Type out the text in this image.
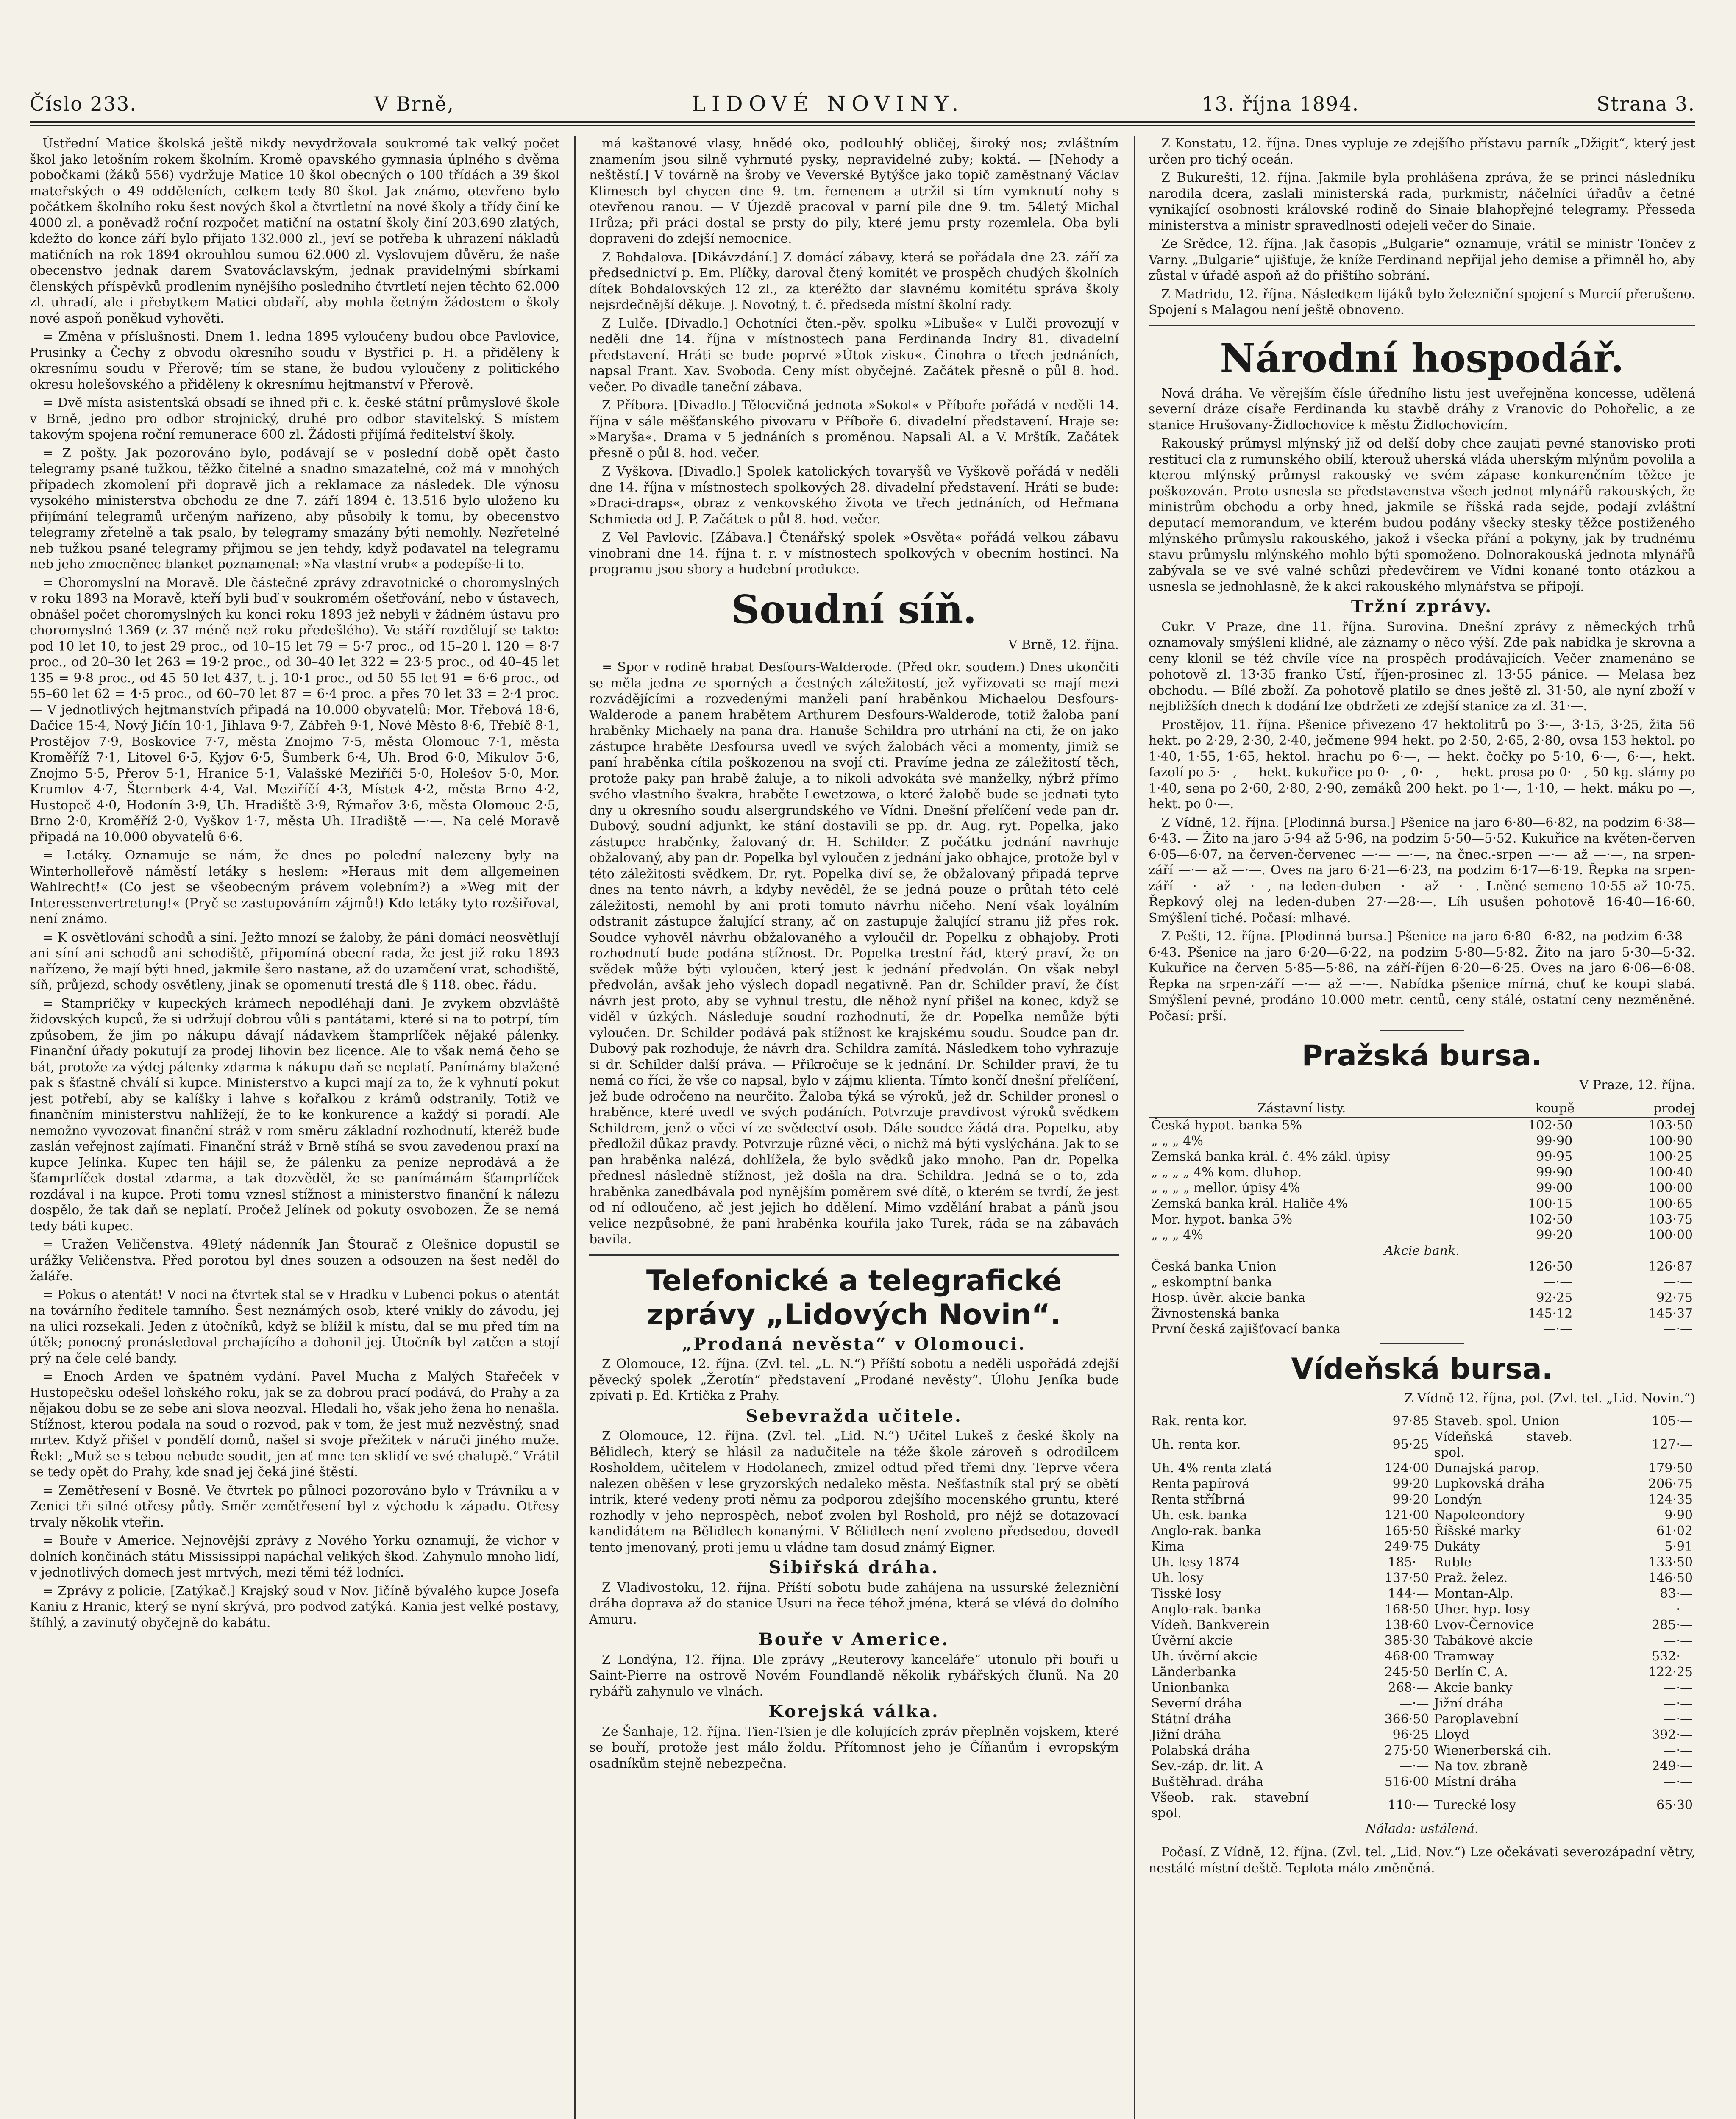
Číslo 233.	V Brně,	LIDOVÉ NOVINY.	13. října 1894.	Strana 3.

Ústřední Matice školská ještě nikdy nevydržovala soukromé tak velký počet škol jako letošním rokem školním. Kromě opavského gymnasia úplného s dvěma pobočkami (žáků 556) vydržuje Matice 10 škol obecných o 100 třídách a 39 škol mateřských o 49 odděleních, celkem tedy 80 škol. Jak známo, otevřeno bylo počátkem školního roku šest nových škol a čtvrtletní na nové školy a třídy činí ke 4000 zl. a poněvadž roční rozpočet matiční na ostatní školy činí 203.690 zlatých, kdežto do konce září bylo přijato 132.000 zl., jeví se potřeba k uhrazení nákladů matičních na rok 1894 okrouhlou sumou 62.000 zl. Vyslovujem důvěru, že naše obecenstvo jednak darem Svatováclavským, jednak pravidelnými sbírkami členských příspěvků prodlením nynějšího posledního čtvrtletí nejen těchto 62.000 zl. uhradí, ale i přebytkem Matici obdaří, aby mohla četným žádostem o školy nové aspoň poněkud vyhověti.

= Změna v příslušnosti. Dnem 1. ledna 1895 vyloučeny budou obce Pavlovice, Prusinky a Čechy z obvodu okresního soudu v Bystřici p. H. a přiděleny k okresnímu soudu v Přerově; tím se stane, že budou vyloučeny z politického okresu holešovského a přiděleny k okresnímu hejtmanství v Přerově.

= Dvě místa asistentská obsadí se ihned při c. k. české státní průmyslové škole v Brně, jedno pro odbor strojnický, druhé pro odbor stavitelský. S místem takovým spojena roční remunerace 600 zl. Žádosti přijímá ředitelství školy.

= Z pošty. Jak pozorováno bylo, podávají se v poslední době opět často telegramy psané tužkou, těžko čitelné a snadno smazatelné, což má v mnohých případech zkomolení při dopravě jich a reklamace za následek. Dle výnosu vysokého ministerstva obchodu ze dne 7. září 1894 č. 13.516 bylo uloženo ku přijímání telegramů určeným nařízeno, aby působily k tomu, by obecenstvo telegramy zřetelně a tak psalo, by telegramy smazány býti nemohly. Nezřetelné neb tužkou psané telegramy přijmou se jen tehdy, když podavatel na telegramu neb jeho zmocněnec blanket poznamenal: »Na vlastní vrub« a podepíše-li to.

= Choromyslní na Moravě. Dle částečné zprávy zdravotnické o choromyslných v roku 1893 na Moravě, kteří byli buď v soukromém ošetřování, nebo v ústavech, obnášel počet choromyslných ku konci roku 1893 jež nebyli v žádném ústavu pro choromyslné 1369 (z 37 méně než roku předešlého). Ve stáří rozdělují se takto: pod 10 let 10, to jest 29 proc., od 10–15 let 79 = 5·7 proc., od 15–20 l. 120 = 8·7 proc., od 20–30 let 263 = 19·2 proc., od 30–40 let 322 = 23·5 proc., od 40–45 let 135 = 9·8 proc., od 45–50 let 437, t. j. 10·1 proc., od 50–55 let 91 = 6·6 proc., od 55–60 let 62 = 4·5 proc., od 60–70 let 87 = 6·4 proc. a přes 70 let 33 = 2·4 proc. — V jednotlivých hejtmanstvích připadá na 10.000 obyvatelů: Mor. Třebová 18·6, Dačice 15·4, Nový Jičín 10·1, Jihlava 9·7, Zábřeh 9·1, Nové Město 8·6, Třebíč 8·1, Prostějov 7·9, Boskovice 7·7, města Znojmo 7·5, města Olomouc 7·1, města Kroměříž 7·1, Litovel 6·5, Kyjov 6·5, Šumberk 6·4, Uh. Brod 6·0, Mikulov 5·6, Znojmo 5·5, Přerov 5·1, Hranice 5·1, Valašské Meziříčí 5·0, Holešov 5·0, Mor. Krumlov 4·7, Šternberk 4·4, Val. Meziříčí 4·3, Místek 4·2, města Brno 4·2, Hustopeč 4·0, Hodonín 3·9, Uh. Hradiště 3·9, Rýmařov 3·6, města Olomouc 2·5, Brno 2·0, Kroměříž 2·0, Vyškov 1·7, města Uh. Hradiště —·—. Na celé Moravě připadá na 10.000 obyvatelů 6·6.

= Letáky. Oznamuje se nám, že dnes po polední nalezeny byly na Winterholleřově náměstí letáky s heslem: »Heraus mit dem allgemeinen Wahlrecht!« (Co jest se všeobecným právem volebním?) a »Weg mit der Interessenvertretung!« (Pryč se zastupováním zájmů!) Kdo letáky tyto rozšiřoval, není známo.

= K osvětlování schodů a síní. Ježto mnozí se žaloby, že páni domácí neosvětlují ani síní ani schodů ani schodiště, připomíná obecní rada, že jest již roku 1893 nařízeno, že mají býti hned, jakmile šero nastane, až do uzamčení vrat, schodiště, síň, průjezd, schody osvětleny, jinak se opomenutí trestá dle § 118. obec. řádu.

= Stampričky v kupeckých krámech nepodléhají dani. Je zvykem obzvláště židovských kupců, že si udržují dobrou vůli s pantátami, které si na to potrpí, tím způsobem, že jim po nákupu dávají nádavkem štamprlíček nějaké pálenky. Finanční úřady pokutují za prodej lihovin bez licence. Ale to však nemá čeho se bát, protože za výdej pálenky zdarma k nákupu daň se neplatí. Panímámy blažené pak s šťastně chválí si kupce. Ministerstvo a kupci mají za to, že k vyhnutí pokut jest potřebí, aby se kalíšky i lahve s kořalkou z krámů odstranily. Totiž ve finančním ministerstvu nahlížejí, že to ke konkurence a každý si poradí. Ale nemožno vyvozovat finanční stráž v rom směru základní rozhodnutí, kteréž bude zaslán veřejnost zajímati. Finanční stráž v Brně stíhá se svou zavedenou praxí na kupce Jelínka. Kupec ten hájil se, že pálenku za peníze neprodává a že šťamprlíček dostal zdarma, a tak dozvěděl, že se panímámám šťamprlíček rozdával i na kupce. Proti tomu vznesl stížnost a ministerstvo finanční k nálezu dospělo, že tak daň se neplatí. Pročež Jelínek od pokuty osvobozen. Že se nemá tedy báti kupec.

= Uražen Veličenstva. 49letý nádenník Jan Štourač z Olešnice dopustil se urážky Veličenstva. Před porotou byl dnes souzen a odsouzen na šest neděl do žaláře.

= Pokus o atentát! V noci na čtvrtek stal se v Hradku v Lubenci pokus o atentát na továrního ředitele tamního. Šest neznámých osob, které vnikly do závodu, jej na ulici rozsekali. Jeden z útočníků, když se blížil k místu, dal se mu před tím na útěk; ponocný pronásledoval prchajícího a dohonil jej. Útočník byl zatčen a stojí prý na čele celé bandy.

= Enoch Arden ve špatném vydání. Pavel Mucha z Malých Stařeček v Hustopečsku odešel loňského roku, jak se za dobrou prací podává, do Prahy a za nějakou dobu se ze sebe ani slova neozval. Hledali ho, však jeho žena ho nenašla. Stížnost, kterou podala na soud o rozvod, pak v tom, že jest muž nezvěstný, snad mrtev. Když přišel v pondělí domů, našel si svoje přežitek v náruči jiného muže. Řekl: „Muž se s tebou nebude soudit, jen ať mne ten sklidí ve své chalupě.“ Vrátil se tedy opět do Prahy, kde snad jej čeká jiné štěstí.

= Zemětřesení v Bosně. Ve čtvrtek po půlnoci pozorováno bylo v Trávníku a v Zenici tři silné otřesy půdy. Směr zemětřesení byl z východu k západu. Otřesy trvaly několik vteřin.

= Bouře v Americe. Nejnovější zprávy z Nového Yorku oznamují, že vichor v dolních končinách státu Mississippi napáchal velikých škod. Zahynulo mnoho lidí, v jednotlivých domech jest mrtvých, mezi těmi též lodníci.

= Zprávy z policie. [Zatýkač.] Krajský soud v Nov. Jičíně bývalého kupce Josefa Kaniu z Hranic, který se nyní skrývá, pro podvod zatýká. Kania jest velké postavy, štíhlý, a zavinutý obyčejně do kabátu.

má kaštanové vlasy, hnědé oko, podlouhlý obličej, široký nos; zvláštním znamením jsou silně vyhrnuté pysky, nepravidelné zuby; koktá. — [Nehody a neštěstí.] V továrně na šroby ve Veverské Bytýšce jako topič zaměstnaný Václav Klimesch byl chycen dne 9. tm. řemenem a utržil si tím vymknutí nohy s otevřenou ranou. — V Újezdě pracoval v parní pile dne 9. tm. 54letý Michal Hrůza; při práci dostal se prsty do pily, které jemu prsty rozemlela. Oba byli dopraveni do zdejší nemocnice.

Z Bohdalova. [Dikávzdání.] Z domácí zábavy, která se pořádala dne 23. září za předsednictví p. Em. Plíčky, daroval čtený komitét ve prospěch chudých školních dítek Bohdalovských 12 zl., za kteréžto dar slavnému komitétu správa školy nejsrdečnější děkuje. J. Novotný, t. č. předseda místní školní rady.

Z Lulče. [Divadlo.] Ochotníci čten.-pěv. spolku »Libuše« v Lulči provozují v neděli dne 14. října v místnostech pana Ferdinanda Indry 81. divadelní představení. Hráti se bude poprvé »Útok zisku«. Činohra o třech jednáních, napsal Frant. Xav. Svoboda. Ceny míst obyčejné. Začátek přesně o půl 8. hod. večer. Po divadle taneční zábava.

Z Příbora. [Divadlo.] Tělocvičná jednota »Sokol« v Příboře pořádá v neděli 14. října v sále měšťanského pivovaru v Příboře 6. divadelní představení. Hraje se: »Maryša«. Drama v 5 jednáních s proměnou. Napsali Al. a V. Mrštík. Začátek přesně o půl 8. hod. večer.

Z Vyškova. [Divadlo.] Spolek katolických tovaryšů ve Vyškově pořádá v neděli dne 14. října v místnostech spolkových 28. divadelní představení. Hráti se bude: »Draci-draps«, obraz z venkovského života ve třech jednáních, od Heřmana Schmieda od J. P. Začátek o půl 8. hod. večer.

Z Vel Pavlovic. [Zábava.] Čtenářský spolek »Osvěta« pořádá velkou zábavu vinobraní dne 14. října t. r. v místnostech spolkových v obecním hostinci. Na programu jsou sbory a hudební produkce.

Soudní síň.
V Brně, 12. října.

= Spor v rodině hrabat Desfours-Walderode. (Před okr. soudem.) Dnes ukončiti se měla jedna ze sporných a čestných záležitostí, jež vyřizovati se mají mezi rozvádějícími a rozvedenými manželi paní hraběnkou Michaelou Desfours-Walderode a panem hrabětem Arthurem Desfours-Walderode, totiž žaloba paní hraběnky Michaely na pana dra. Hanuše Schildra pro utrhání na cti, že on jako zástupce hraběte Desfoursa uvedl ve svých žalobách věci a momenty, jimiž se paní hraběnka cítila poškozenou na svojí cti. Pravíme jedna ze záležitostí těch, protože paky pan hrabě žaluje, a to nikoli advokáta své manželky, nýbrž přímo svého vlastního švakra, hraběte Lewetzowa, o které žalobě bude se jednati tyto dny u okresního soudu alsergrundského ve Vídni. Dnešní přelíčení vede pan dr. Dubový, soudní adjunkt, ke stání dostavili se pp. dr. Aug. ryt. Popelka, jako zástupce hraběnky, žalovaný dr. H. Schilder. Z počátku jednání navrhuje obžalovaný, aby pan dr. Popelka byl vyloučen z jednání jako obhajce, protože byl v této záležitosti svědkem. Dr. ryt. Popelka diví se, že obžalovaný připadá teprve dnes na tento návrh, a kdyby nevěděl, že se jedná pouze o průtah této celé záležitosti, nemohl by ani proti tomuto návrhu ničeho. Není však loyálním odstranit zástupce žalující strany, ač on zastupuje žalující stranu již přes rok. Soudce vyhověl návrhu obžalovaného a vyloučil dr. Popelku z obhajoby. Proti rozhodnutí bude podána stížnost. Dr. Popelka trestní řád, který praví, že on svědek může býti vyloučen, který jest k jednání předvolán. On však nebyl předvolán, avšak jeho výslech dopadl negativně. Pan dr. Schilder praví, že číst návrh jest proto, aby se vyhnul trestu, dle něhož nyní přišel na konec, když se viděl v úzkých. Následuje soudní rozhodnutí, že dr. Popelka nemůže býti vyloučen. Dr. Schilder podává pak stížnost ke krajskému soudu. Soudce pan dr. Dubový pak rozhoduje, že návrh dra. Schildra zamítá. Následkem toho vyhrazuje si dr. Schilder další práva. — Přikročuje se k jednání. Dr. Schilder praví, že tu nemá co říci, že vše co napsal, bylo v zájmu klienta. Tímto končí dnešní přelíčení, jež bude odročeno na neurčito. Žaloba týká se výroků, jež dr. Schilder pronesl o hraběnce, které uvedl ve svých podáních. Potvrzuje pravdivost výroků svědkem Schildrem, jenž o věci ví ze svědectví osob. Dále soudce žádá dra. Popelku, aby předložil důkaz pravdy. Potvrzuje různé věci, o nichž má býti vyslýchána. Jak to se pan hraběnka nalézá, dohlížela, že bylo svědků jako mnoho. Pan dr. Popelka přednesl následně stížnost, jež došla na dra. Schildra. Jedná se o to, zda hraběnka zanedbávala pod nynějším poměrem své dítě, o kterém se tvrdí, že jest od ní odloučeno, ač jest jejich ho ddělení. Mimo vzdělání hrabat a pánů jsou velice nezpůsobné, že paní hraběnka kouřila jako Turek, ráda se na zábavách bavila.

Telefonické a telegrafické zprávy „Lidových Novin“.
„Prodaná nevěsta“ v Olomouci.

Z Olomouce, 12. října. (Zvl. tel. „L. N.“) Příští sobotu a neděli uspořádá zdejší pěvecký spolek „Žerotín“ představení „Prodané nevěsty“. Úlohu Jeníka bude zpívati p. Ed. Krtička z Prahy.

Sebevražda učitele.

Z Olomouce, 12. října. (Zvl. tel. „Lid. N.“) Učitel Lukeš z české školy na Bělidlech, který se hlásil za nadučitele na téže škole zároveň s odrodilcem Rosholdem, učitelem v Hodolanech, zmizel odtud před třemi dny. Teprve včera nalezen oběšen v lese gryzorských nedaleko města. Nešťastník stal prý se obětí intrik, které vedeny proti němu za podporou zdejšího mocenského gruntu, které rozhodly v jeho neprospěch, neboť zvolen byl Roshold, pro nějž se dotazovací kandidátem na Bělidlech konanými. V Bělidlech není zvoleno předsedou, dovedl tento jmenovaný, proti jemu u vládne tam dosud známý Eigner.

Sibiřská dráha.

Z Vladivostoku, 12. října. Příští sobotu bude zahájena na ussurské železniční dráha doprava až do stanice Usuri na řece téhož jména, která se vlévá do dolního Amuru.

Bouře v Americe.

Z Londýna, 12. října. Dle zprávy „Reuterovy kanceláře“ utonulo při bouři u Saint-Pierre na ostrově Novém Foundlandě několik rybářských člunů. Na 20 rybářů zahynulo ve vlnách.

Korejská válka.

Ze Šanhaje, 12. října. Tien-Tsien je dle kolujících zpráv přeplněn vojskem, které se bouří, protože jest málo žoldu. Přítomnost jeho je Číňanům i evropským osadníkům stejně nebezpečna.

Z Konstatu, 12. října. Dnes vypluje ze zdejšího přístavu parník „Džigit“, který jest určen pro tichý oceán.

Z Bukurešti, 12. října. Jakmile byla prohlášena zpráva, že se princi následníku narodila dcera, zaslali ministerská rada, purkmistr, náčelníci úřadův a četné vynikající osobnosti královské rodině do Sinaie blahopřejné telegramy. Přesseda ministerstva a ministr spravedlnosti odejeli večer do Sinaie.

Ze Srědce, 12. října. Jak časopis „Bulgarie“ oznamuje, vrátil se ministr Tončev z Varny. „Bulgarie“ ujišťuje, že kníže Ferdinand nepřijal jeho demise a přimněl ho, aby zůstal v úřadě aspoň až do příštího sobrání.

Z Madridu, 12. října. Následkem lijáků bylo železniční spojení s Murcií přerušeno. Spojení s Malagou není ještě obnoveno.

Národní hospodář.

Nová dráha. Ve věrejším čísle úředního listu jest uveřejněna koncesse, udělená severní dráze císaře Ferdinanda ku stavbě dráhy z Vranovic do Pohořelic, a ze stanice Hrušovany-Židlochovice k městu Židlochovicím.

Rakouský průmysl mlýnský již od delší doby chce zaujati pevné stanovisko proti restituci cla z rumunského obilí, kterouž uherská vláda uherským mlýnům povolila a kterou mlýnský průmysl rakouský ve svém zápase konkurenčním těžce je poškozován. Proto usnesla se představenstva všech jednot mlynářů rakouských, že ministrům obchodu a orby hned, jakmile se říšská rada sejde, podají zvláštní deputací memorandum, ve kterém budou podány všecky stesky těžce postiženého mlýnského průmyslu rakouského, jakož i všecka přání a pokyny, jak by trudnému stavu průmyslu mlýnského mohlo býti spomoženo. Dolnorakouská jednota mlynářů zabývala se ve své valné schůzi předevčírem ve Vídni konané tonto otázkou a usnesla se jednohlasně, že k akci rakouského mlynářstva se připojí.

Tržní zprávy.

Cukr. V Praze, dne 11. října. Surovina. Dnešní zprávy z německých trhů oznamovaly smýšlení klidné, ale záznamy o něco výší. Zde pak nabídka je skrovna a ceny klonil se též chvíle více na prospěch prodávajících. Večer znamenáno se pohotově zl. 13·35 franko Ústí, říjen-prosinec zl. 13·55 pánice. — Melasa bez obchodu. — Bílé zboží. Za pohotově platilo se dnes ještě zl. 31·50, ale nyní zboží v nejbližších dnech k dodání lze obdržeti ze zdejší stanice za zl. 31·—.

Prostějov, 11. října. Pšenice přivezeno 47 hektolitrů po 3·—, 3·15, 3·25, žita 56 hekt. po 2·29, 2·30, 2·40, ječmene 994 hekt. po 2·50, 2·65, 2·80, ovsa 153 hektol. po 1·40, 1·55, 1·65, hektol. hrachu po 6·—, — hekt. čočky po 5·10, 6·—, 6·—, hekt. fazolí po 5·—, — hekt. kukuřice po 0·—, 0·—, — hekt. prosa po 0·—, 50 kg. slámy po 1·40, sena po 2·60, 2·80, 2·90, zemáků 200 hekt. po 1·—, 1·10, — hekt. máku po —, hekt. po 0·—.

Z Vídně, 12. října. [Plodinná bursa.] Pšenice na jaro 6·80—6·82, na podzim 6·38—6·43. — Žito na jaro 5·94 až 5·96, na podzim 5·50—5·52. Kukuřice na květen-červen 6·05—6·07, na červen-červenec —·— —·—, na čnec.-srpen —·— až —·—, na srpen-září —·— až —·—. Oves na jaro 6·21—6·23, na podzim 6·17—6·19. Řepka na srpen-září —·— až —·—, na leden-duben —·— až —·—. Lněné semeno 10·55 až 10·75. Řepkový olej na leden-duben 27·—28·—. Líh usušen pohotově 16·40—16·60. Smýšlení tiché. Počasí: mlhavé.

Z Pešti, 12. října. [Plodinná bursa.] Pšenice na jaro 6·80—6·82, na podzim 6·38—6·43. Pšenice na jaro 6·20—6·22, na podzim 5·80—5·82. Žito na jaro 5·30—5·32. Kukuřice na červen 5·85—5·86, na září-říjen 6·20—6·25. Oves na jaro 6·06—6·08. Řepka na srpen-září —·— až —·—. Nabídka pšenice mírná, chuť ke koupi slabá. Smýšlení pevné, prodáno 10.000 metr. centů, ceny stálé, ostatní ceny nezměněné. Počasí: prší.

Pražská bursa.
V Praze, 12. října.
Zástavní listy.	koupě	prodej
Česká hypot. banka 5%	102·50	103·50
„ „ „ 4%	99·90	100·90
Zemská banka král. č. 4% zákl. úpisy	99·95	100·25
„ „ „ „ 4% kom. dluhop.	99·90	100·40
„ „ „ „ mellor. úpisy 4%	99·00	100·00
Zemská banka král. Haliče 4%	100·15	100·65
Mor. hypot. banka 5%	102·50	103·75
„ „ „ 4%	99·20	100·00
Akcie bank.
Česká banka Union	126·50	126·87
„ eskomptní banka	—·—	—·—
Hosp. úvěr. akcie banka	92·25	92·75
Živnostenská banka	145·12	145·37
První česká zajišťovací banka	—·—	—·—
Vídeňská bursa.
Z Vídně 12. října, pol. (Zvl. tel. „Lid. Novin.“)
Rak. renta kor.	97·85	Staveb. spol. Union	105·—
Uh. renta kor.	95·25	Vídeňská staveb. spol.	127·—
Uh. 4% renta zlatá	124·00	Dunajská parop.	179·50
Renta papírová	99·20	Lupkovská dráha	206·75
Renta stříbrná	99·20	Londýn	124·35
Uh. esk. banka	121·00	Napoleondory	9·90
Anglo-rak. banka	165·50	Říšské marky	61·02
Kima	249·75	Dukáty	5·91
Uh. lesy 1874	185·—	Ruble	133·50
Uh. losy	137·50	Praž. želez.	146·50
Tisské losy	144·—	Montan-Alp.	83·—
Anglo-rak. banka	168·50	Uher. hyp. losy	—·—
Vídeň. Bankverein	138·60	Lvov-Černovice	285·—
Úvěrní akcie	385·30	Tabákové akcie	—·—
Uh. úvěrní akcie	468·00	Tramway	532·—
Länderbanka	245·50	Berlín C. A.	122·25
Unionbanka	268·—	Akcie banky	—·—
Severní dráha	—·—	Jižní dráha	—·—
Státní dráha	366·50	Paroplavební	—·—
Jižní dráha	96·25	Lloyd	392·—
Polabská dráha	275·50	Wienerberská cih.	—·—
Sev.-záp. dr. lit. A	—·—	Na tov. zbraně	249·—
Buštěhrad. dráha	516·00	Místní dráha	—·—
Všeob. rak. stavební spol.	110·—	Turecké losy	65·30
Nálada: ustálená.

Počasí. Z Vídně, 12. října. (Zvl. tel. „Lid. Nov.“) Lze očekávati severozápadní větry, nestálé místní deště. Teplota málo změněná.
